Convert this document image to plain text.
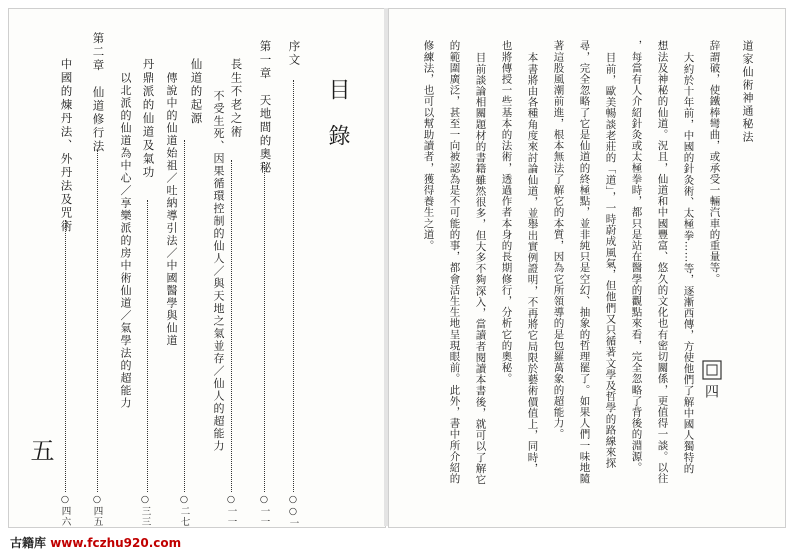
目錄
序文
○○一
第一章　天地間的奧秘
○一一
長生不老之術
不受生死、因果循環控制的仙人／與天地之氣並存／仙人的超能力
○一一
仙道的起源
○二七
傳說中的仙道始祖／吐納導引法／中國醫學與仙道
丹鼎派的仙道及氣功
○三三
以北派的仙道為中心／享樂派的房中術仙道／氣學法的超能力
第二章　仙道修行法
○四五
中國的煉丹法、外丹法及咒術
○四六
五
道家仙術神通秘法
辞謂破，使鐵棒彎曲，或承受一輛汽車的重量等。
大約於十年前，中國的針灸術、太極拳……等，逐漸西傳，方使他們了解中國人獨特的
想法及神秘的仙道。況且，仙道和中國豐富、悠久的文化也有密切關係，更值得一談。以往
，每當有人介紹針灸或太極拳時，都只是站在醫學的觀點來看，完全忽略了背後的淵源。
目前，歐美暢談老莊的「道」，一時蔚成風氣，但他們又只循著文學及哲學的路線來探
尋，完全忽略了它是仙道的終極點，並非純只是空幻、抽象的哲理罷了。如果人們一味地隨
著這股風潮前進，根本無法了解它的本質，因為它所領導的是包羅萬象的超能力。
本書將由各種角度來討論仙道，並舉出實例證明，不再將它局限於藝術價值上，同時，
也將傳授一些基本的法術，透過作者本身的長期修行，分析它的奧秘。
目前談論相關題材的書籍雖然很多，但大多不夠深入，當讀者閱讀本書後，就可以了解它
的範圍廣泛，甚至一向被認為是不可能的事，都會活生生地呈現眼前。此外，書中所介紹的
修練法，也可以幫助讀者，獲得養生之道。
四
古籍库 www.fczhu920.com
